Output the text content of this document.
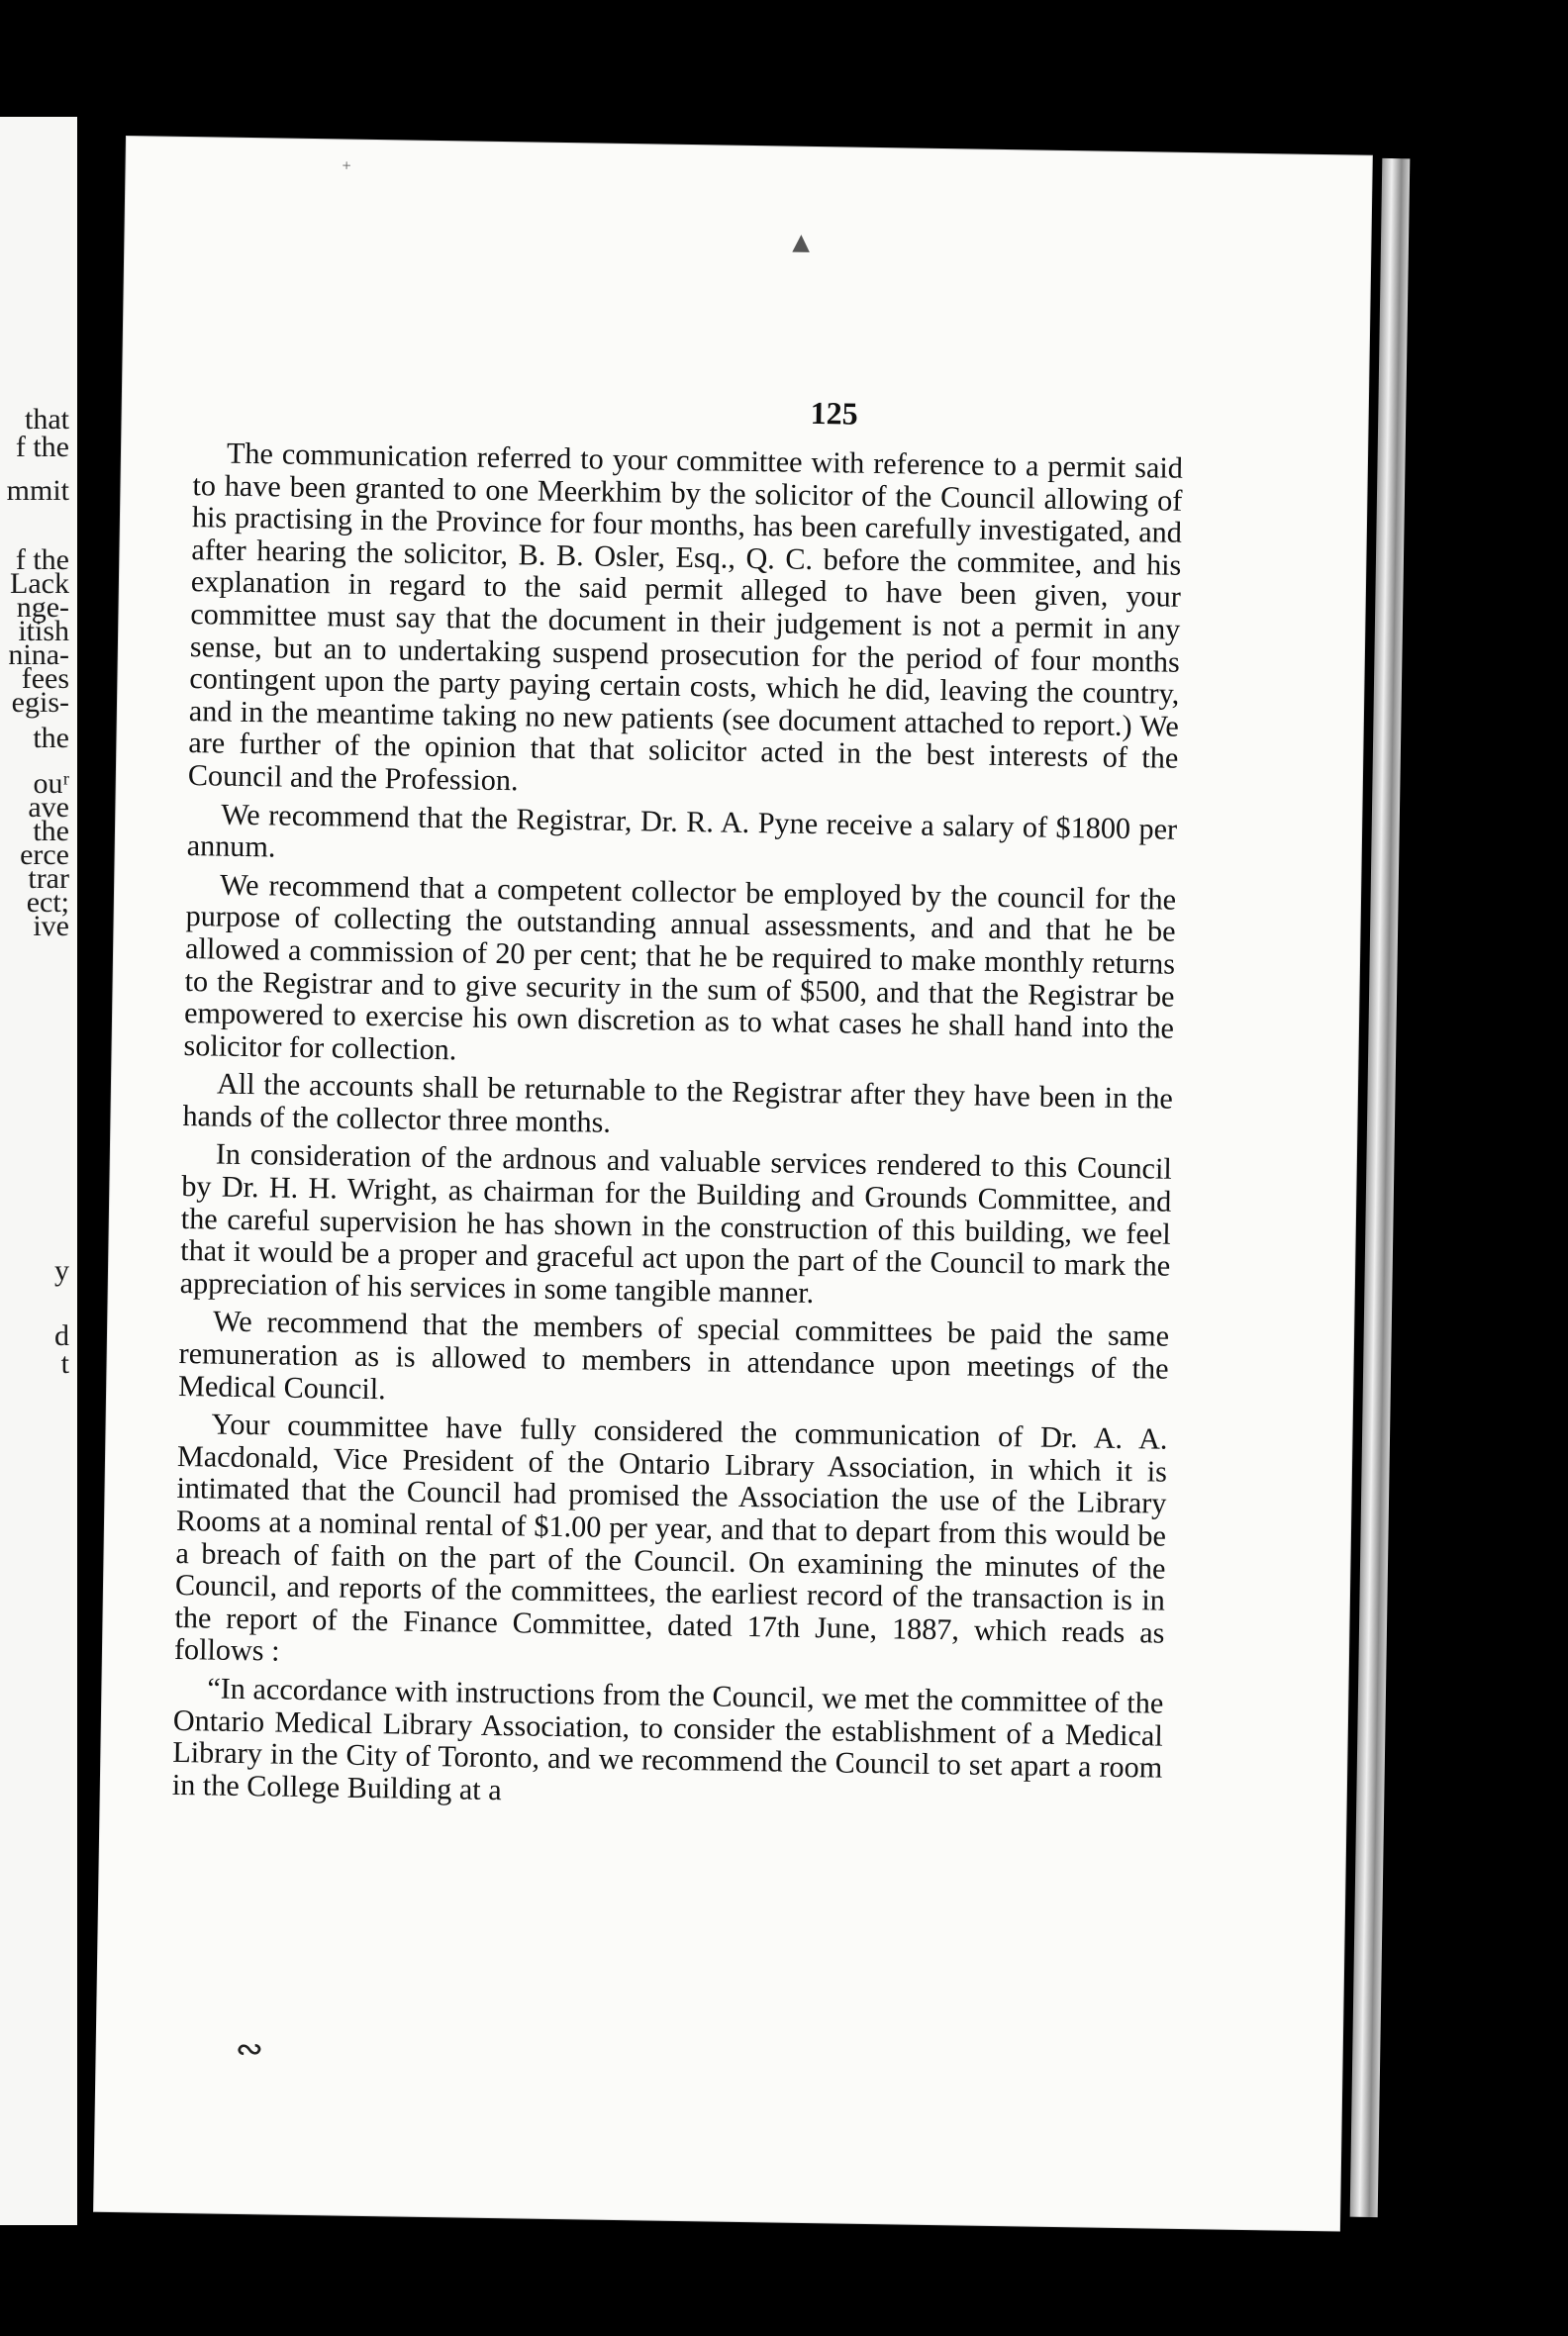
that
f the
mmit
f the
Lack
nge-
itish
nina-
fees
egis-
the
ouʳ
ave
the
erce
trar
ect;
ive
y
d
t
125

The communication referred to your committee with reference to a permit said to have been granted to one Meerkhim by the solicitor of the Council allowing of his practising in the Province for four months, has been carefully investigated, and after hearing the solicitor, B. B. Osler, Esq., Q. C. before the commitee, and his explanation in regard to the said permit alleged to have been given, your committee must say that the document in their judgement is not a permit in any sense, but an to undertaking suspend prosecution for the period of four months contingent upon the party paying certain costs, which he did, leaving the country, and in the meantime taking no new patients (see document attached to report.) We are further of the opinion that that solicitor acted in the best interests of the Council and the Profession.

We recommend that the Registrar, Dr. R. A. Pyne receive a salary of $1800 per annum.

We recommend that a competent collector be employed by the council for the purpose of collecting the outstanding annual assessments, and and that he be allowed a commission of 20 per cent; that he be required to make monthly returns to the Registrar and to give security in the sum of $500, and that the Registrar be empowered to exercise his own discretion as to what cases he shall hand into the solicitor for collection.

All the accounts shall be returnable to the Registrar after they have been in the hands of the collector three months.

In consideration of the ardnous and valuable services rendered to this Council by Dr. H. H. Wright, as chairman for the Building and Grounds Committee, and the careful supervision he has shown in the construction of this building, we feel that it would be a proper and graceful act upon the part of the Council to mark the appreciation of his services in some tangible manner.

We recommend that the members of special committees be paid the same remuneration as is allowed to members in attendance upon meetings of the Medical Council.

Your coummittee have fully considered the communication of Dr. A. A. Macdonald, Vice President of the Ontario Library Association, in which it is intimated that the Council had promised the Association the use of the Library Rooms at a nominal rental of $1.00 per year, and that to depart from this would be a breach of faith on the part of the Council. On examining the minutes of the Council, and reports of the committees, the earliest record of the transaction is in the report of the Finance Committee, dated 17th June, 1887, which reads as follows :

“In accordance with instructions from the Council, we met the committee of the Ontario Medical Library Association, to consider the establishment of a Medical Library in the City of Toronto, and we recommend the Council to set apart a room in the College Building at a

+
▲
∾
